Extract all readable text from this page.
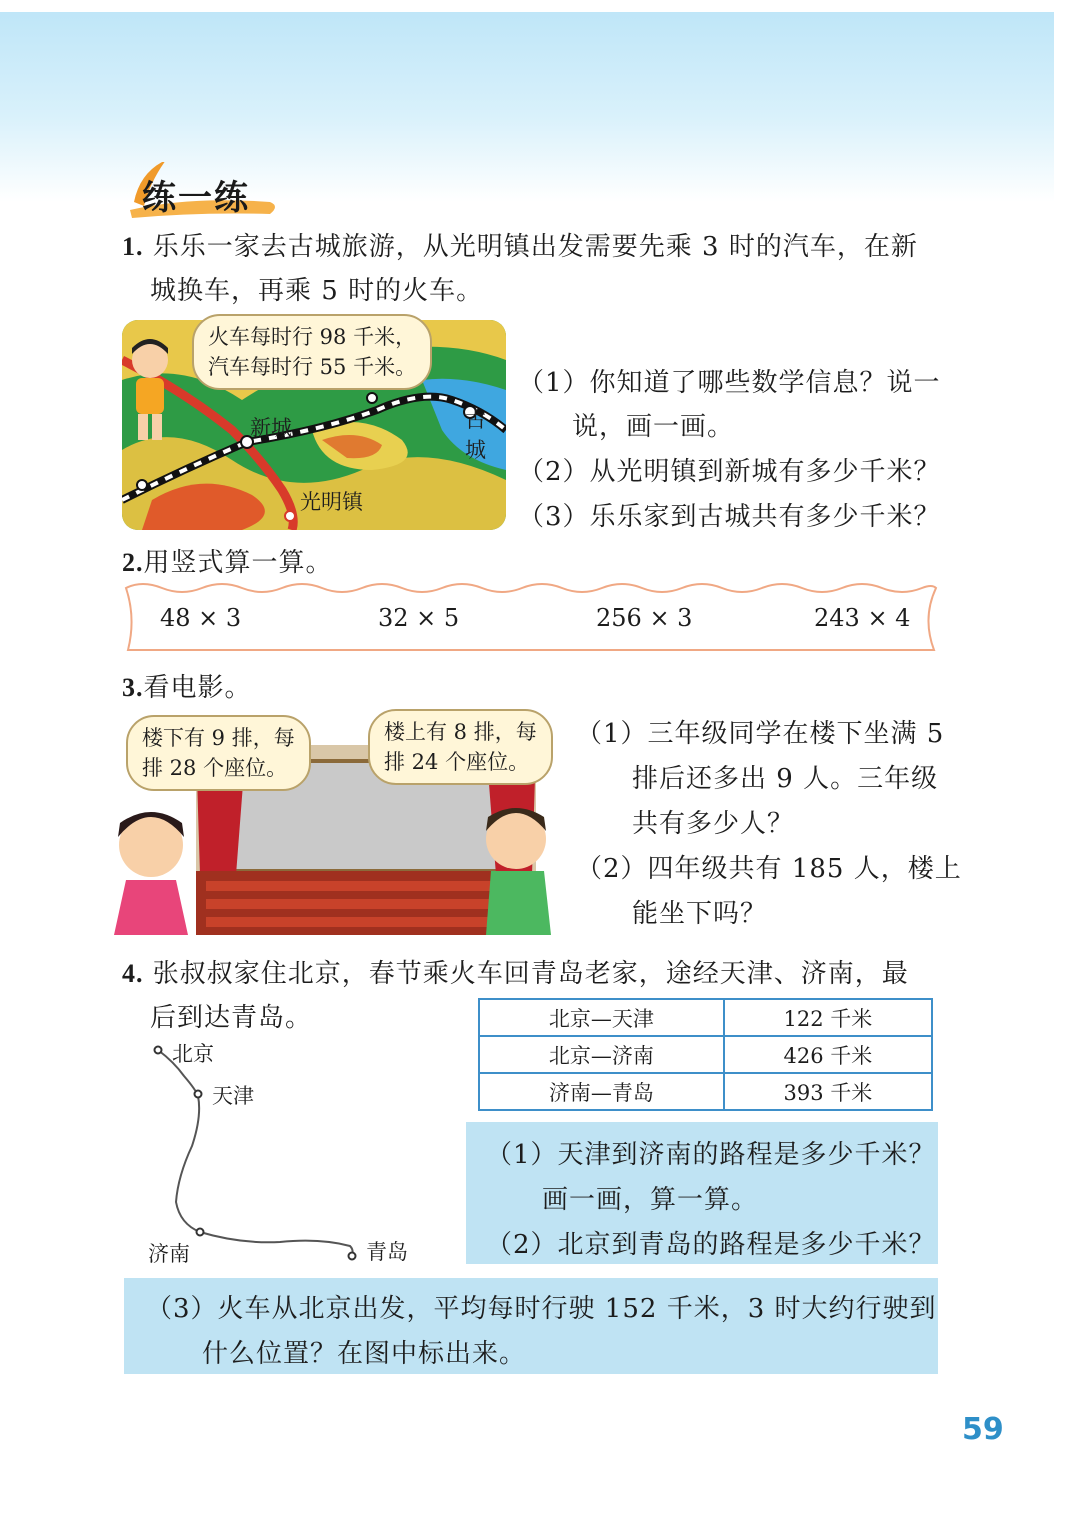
练一练
1. 乐乐一家去古城旅游，从光明镇出发需要先乘 3 时的汽车，在新
城换车，再乘 5 时的火车。
火车每时行 98 千米，
汽车每时行 55 千米。
新城	古城
光明镇
（1）你知道了哪些数学信息？说一
说，画一画。
（2）从光明镇到新城有多少千米？
（3）乐乐家到古城共有多少千米？
2.用竖式算一算。
48 × 3	32 × 5	256 × 3	243 × 4
3.看电影。
楼下有 9 排，每
排 28 个座位。
楼上有 8 排，每
排 24 个座位。
（1）三年级同学在楼下坐满 5
排后还多出 9 人。三年级
共有多少人？
（2）四年级共有 185 人，楼上
能坐下吗？
4. 张叔叔家住北京，春节乘火车回青岛老家，途经天津、济南，最
后到达青岛。
北京
天津
济南	青岛
北京—天津	122 千米
北京—济南	426 千米
济南—青岛	393 千米
（1）天津到济南的路程是多少千米？
画一画，算一算。
（2）北京到青岛的路程是多少千米？
（3）火车从北京出发，平均每时行驶 152 千米，3 时大约行驶到
什么位置？在图中标出来。
59
